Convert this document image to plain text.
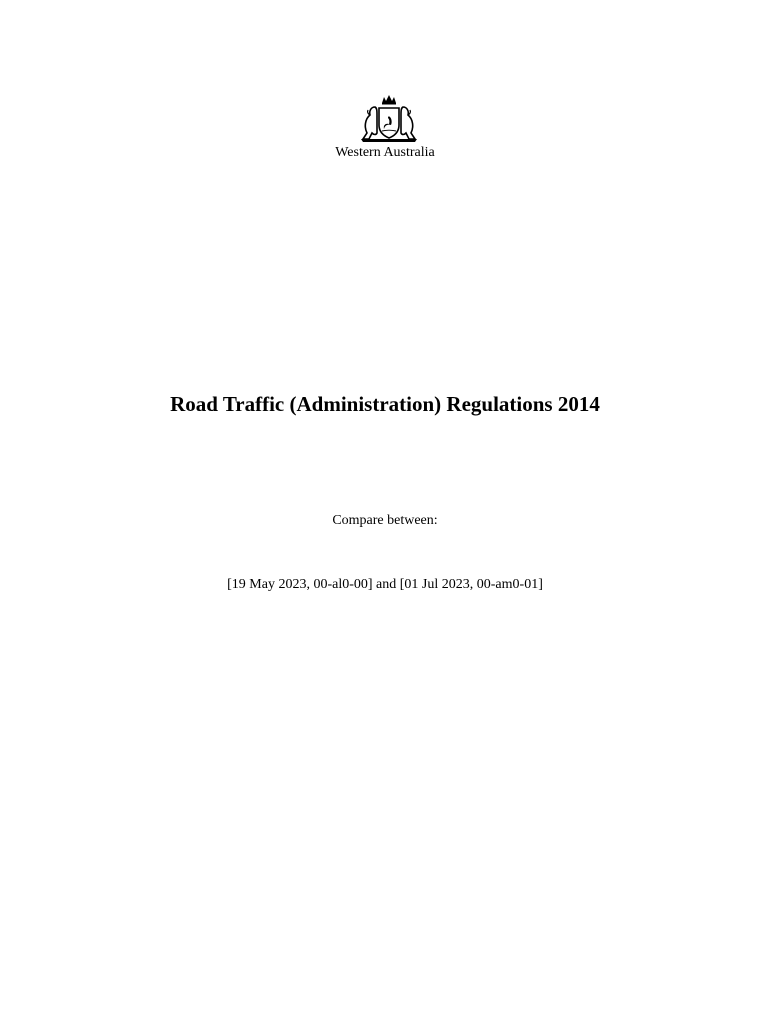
Western Australia
Road Traffic (Administration) Regulations 2014
Compare between:
[19 May 2023, 00-al0-00] and [01 Jul 2023, 00-am0-01]
